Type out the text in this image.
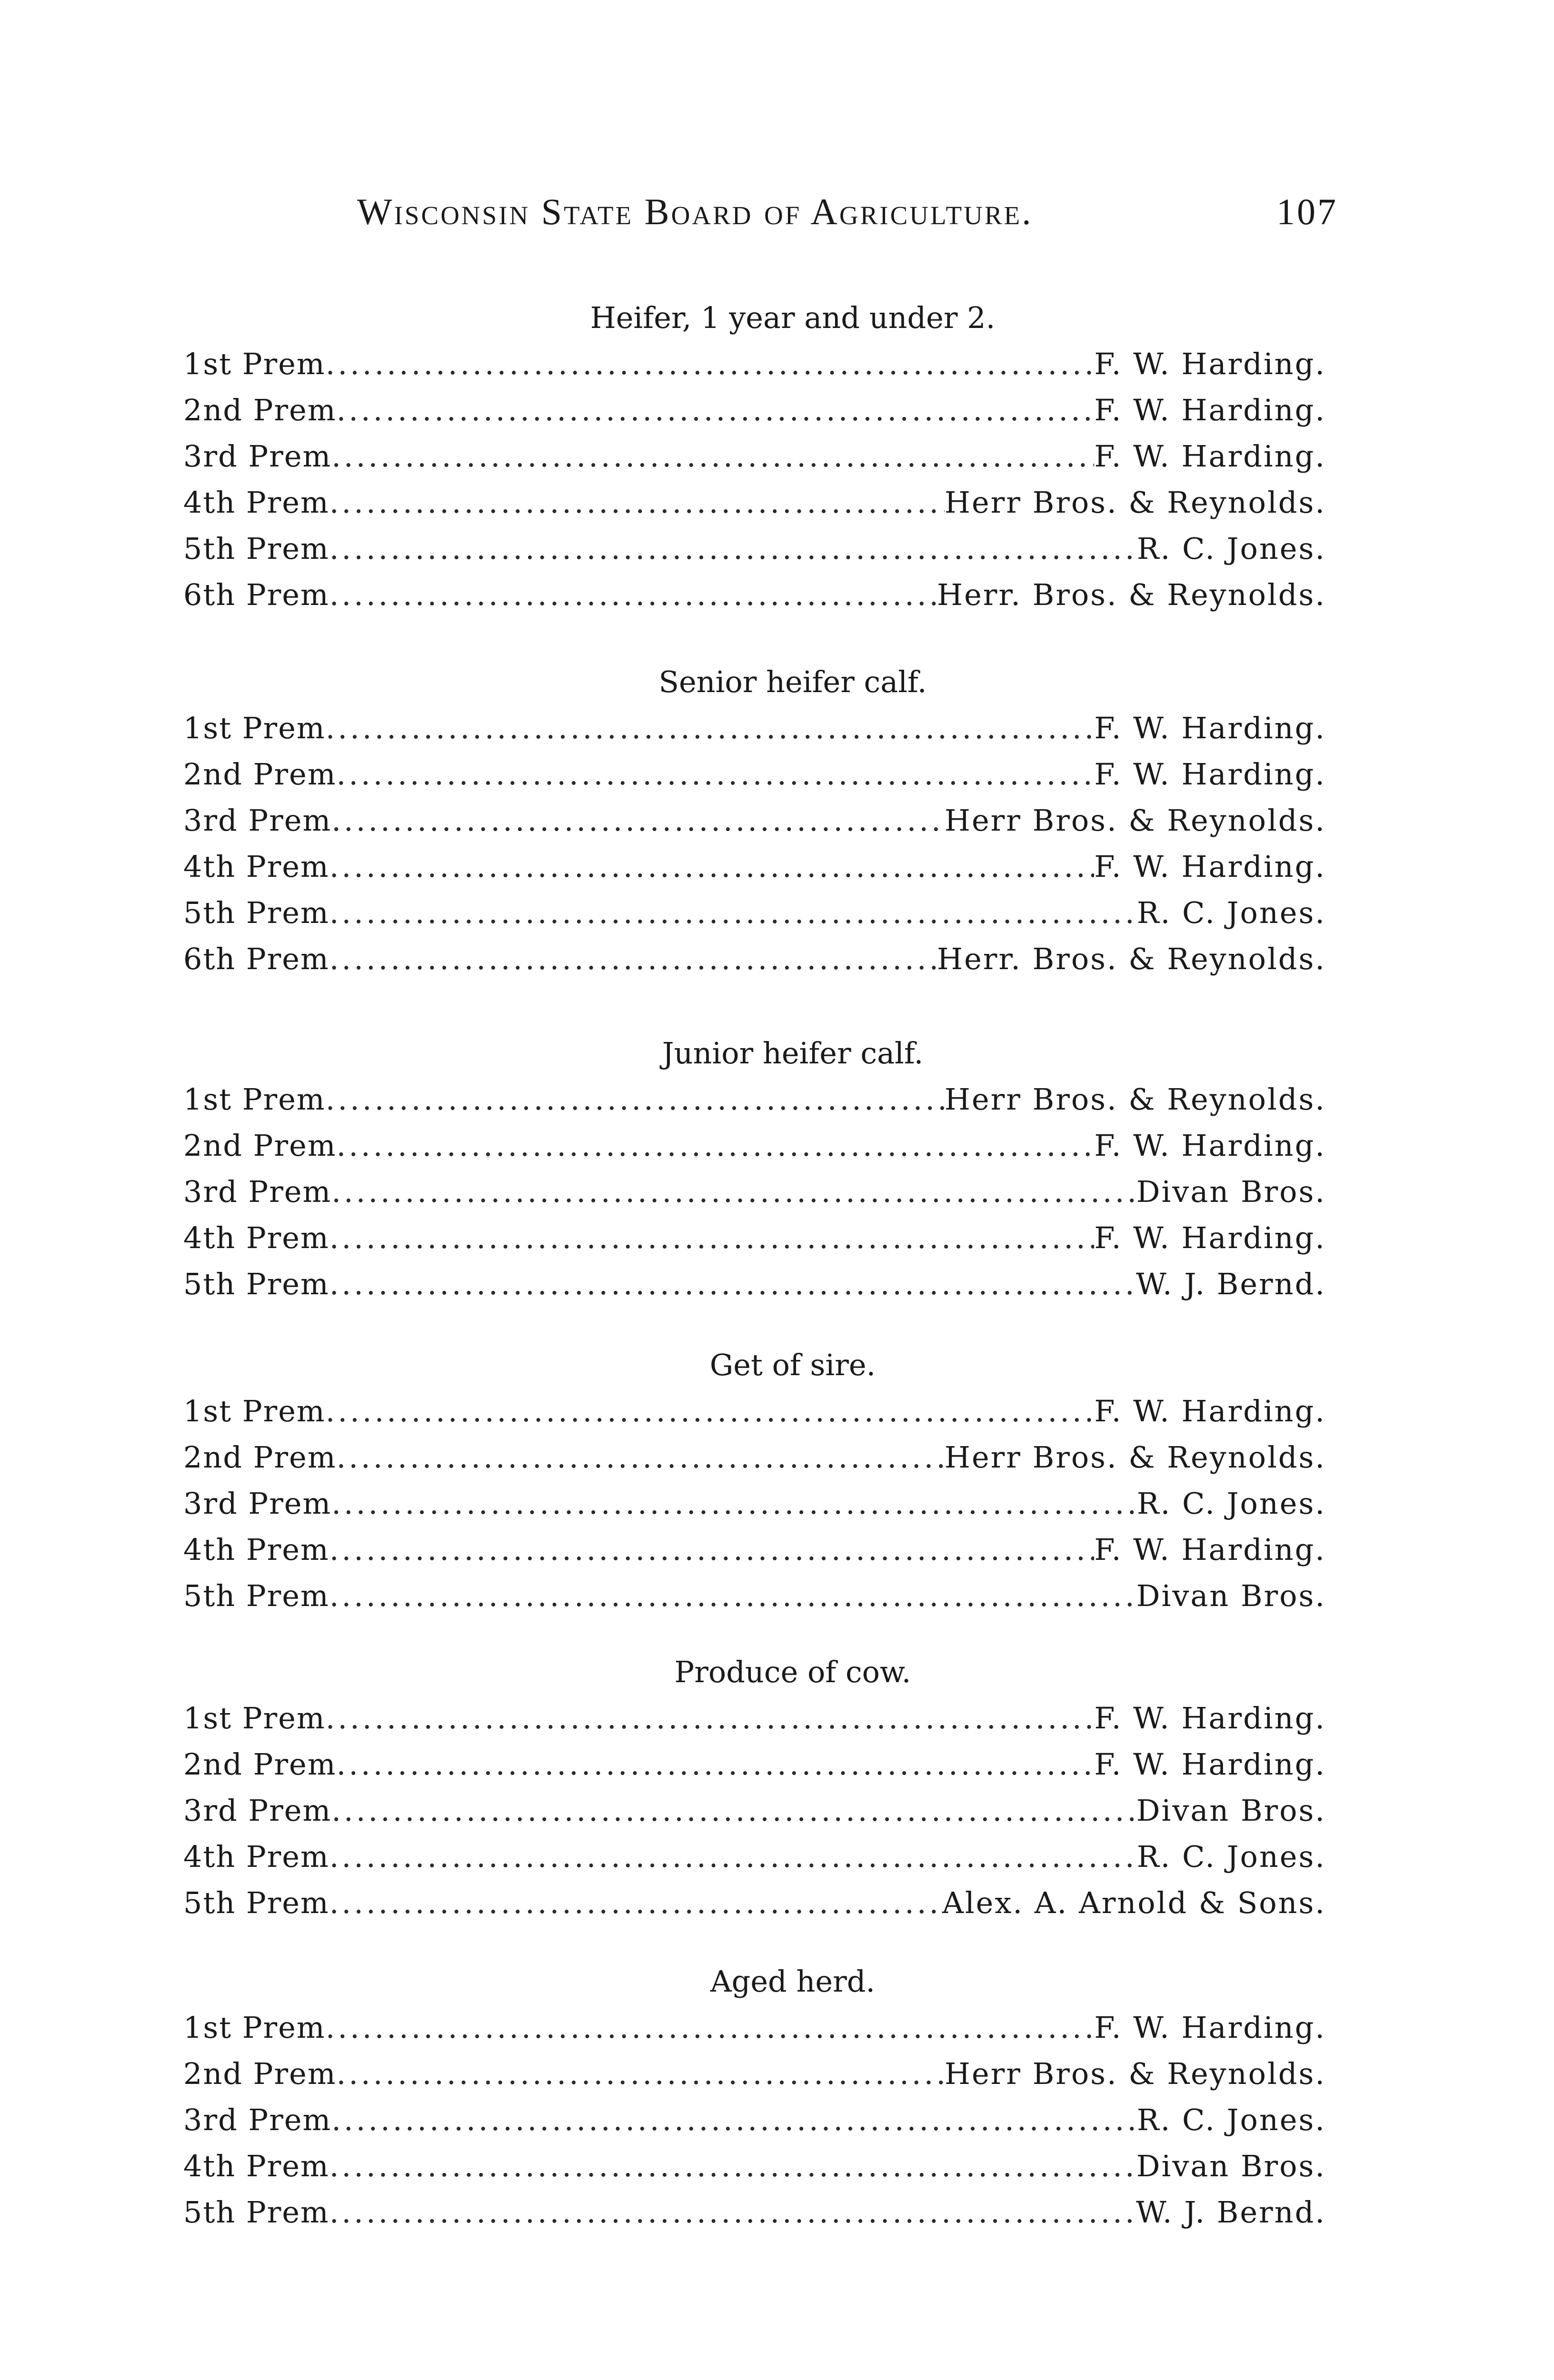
Wisconsin State Board of Agriculture.	107
Heifer, 1 year and under 2.
1st Prem .....	F. W. Harding.
2nd Prem .....	F. W. Harding.
3rd Prem .....	F. W. Harding.
4th Prem .....	Herr Bros. & Reynolds.
5th Prem .....	R. C. Jones.
6th Prem .....	Herr. Bros. & Reynolds.
Senior heifer calf.
1st Prem .....	F. W. Harding.
2nd Prem .....	F. W. Harding.
3rd Prem .....	Herr Bros. & Reynolds.
4th Prem .....	F. W. Harding.
5th Prem .....	R. C. Jones.
6th Prem .....	Herr. Bros. & Reynolds.
Junior heifer calf.
1st Prem .....	Herr Bros. & Reynolds.
2nd Prem .....	F. W. Harding.
3rd Prem .....	Divan Bros.
4th Prem .....	F. W. Harding.
5th Prem .....	W. J. Bernd.
Get of sire.
1st Prem .....	F. W. Harding.
2nd Prem .....	Herr Bros. & Reynolds.
3rd Prem .....	R. C. Jones.
4th Prem .....	F. W. Harding.
5th Prem .....	Divan Bros.
Produce of cow.
1st Prem .....	F. W. Harding.
2nd Prem .....	F. W. Harding.
3rd Prem .....	Divan Bros.
4th Prem .....	R. C. Jones.
5th Prem .....	Alex. A. Arnold & Sons.
Aged herd.
1st Prem .....	F. W. Harding.
2nd Prem .....	Herr Bros. & Reynolds.
3rd Prem .....	R. C. Jones.
4th Prem .....	Divan Bros.
5th Prem .....	W. J. Bernd.
